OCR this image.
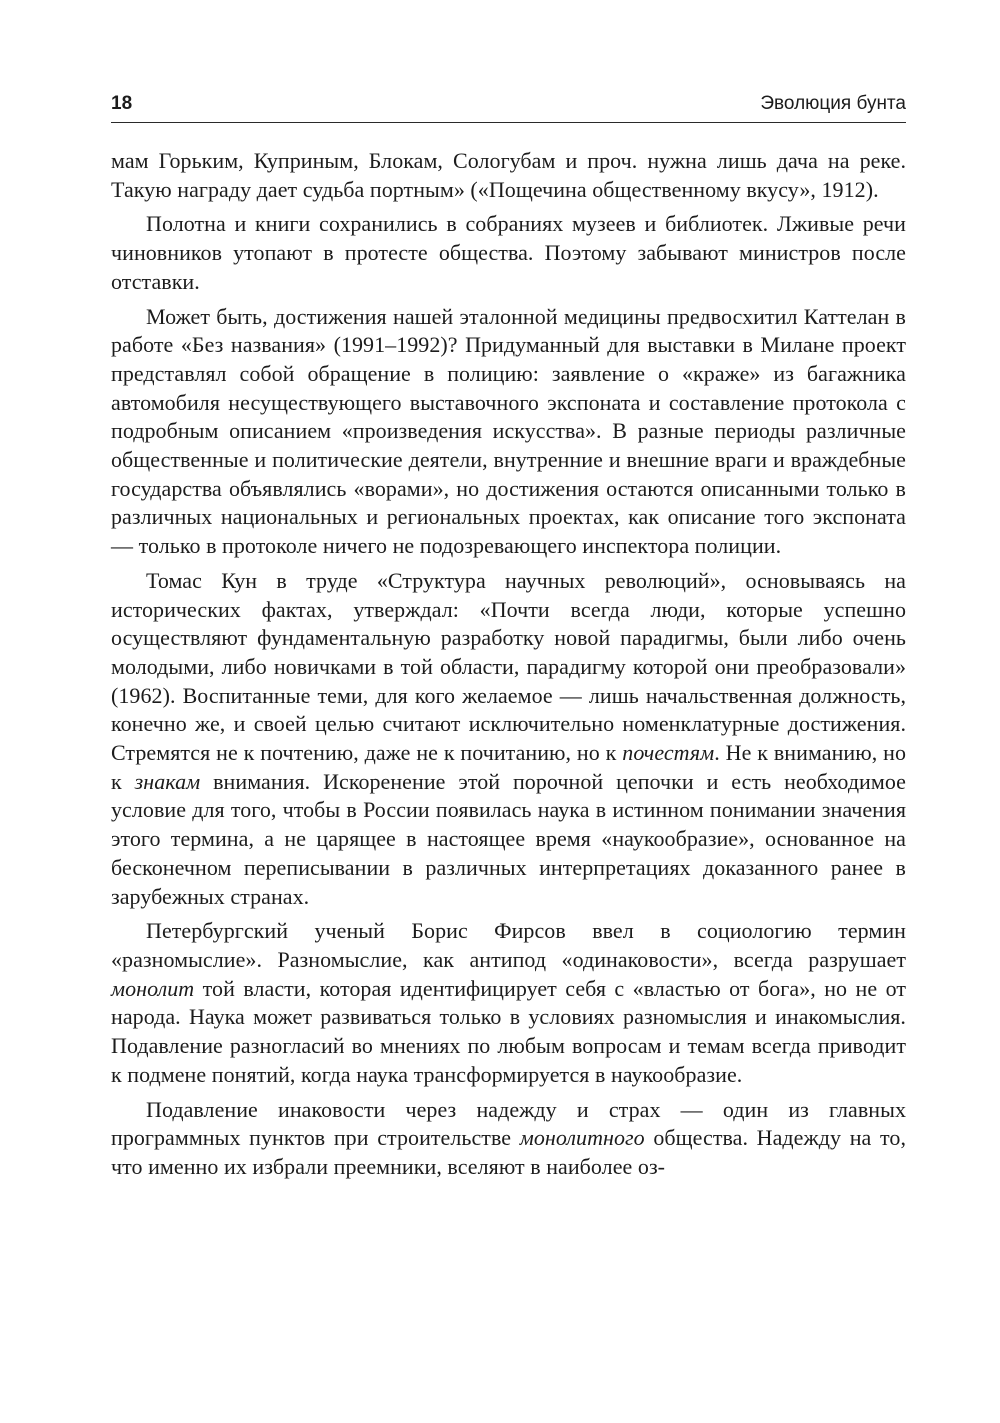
18	Эволюция бунта

мам Горьким, Куприным, Блокам, Сологубам и проч. нужна лишь дача на реке. Такую награду дает судьба портным» («Пощечина общественному вкусу», 1912).

Полотна и книги сохранились в собраниях музеев и библиотек. Лживые речи чиновников утопают в протесте общества. Поэтому забывают министров после отставки.

Может быть, достижения нашей эталонной медицины предвосхитил Каттелан в работе «Без названия» (1991–1992)? Придуманный для выставки в Милане проект представлял собой обращение в полицию: заявление о «краже» из багажника автомобиля несуществующего выставочного экспоната и составление протокола с подробным описанием «произведения искусства». В разные периоды различные общественные и политические деятели, внутренние и внешние враги и враждебные государства объявлялись «ворами», но достижения остаются описанными только в различных национальных и региональных проектах, как описание того экспоната — только в протоколе ничего не подозревающего инспектора полиции.

Томас Кун в труде «Структура научных революций», основываясь на исторических фактах, утверждал: «Почти всегда люди, которые успешно осуществляют фундаментальную разработку новой парадигмы, были либо очень молодыми, либо новичками в той области, парадигму которой они преобразовали» (1962). Воспитанные теми, для кого желаемое — лишь начальственная должность, конечно же, и своей целью считают исключительно номенклатурные достижения. Стремятся не к почтению, даже не к почитанию, но к почестям. Не к вниманию, но к знакам внимания. Искоренение этой порочной цепочки и есть необходимое условие для того, чтобы в России появилась наука в истинном понимании значения этого термина, а не царящее в настоящее время «наукообразие», основанное на бесконечном переписывании в различных интерпретациях доказанного ранее в зарубежных странах.

Петербургский ученый Борис Фирсов ввел в социологию термин «разномыслие». Разномыслие, как антипод «одинаковости», всегда разрушает монолит той власти, которая идентифицирует себя с «властью от бога», но не от народа. Наука может развиваться только в условиях разномыслия и инакомыслия. Подавление разногласий во мнениях по любым вопросам и темам всегда приводит к подмене понятий, когда наука трансформируется в наукообразие.

Подавление инаковости через надежду и страх — один из главных программных пунктов при строительстве монолитного общества. Надежду на то, что именно их избрали преемники, вселяют в наиболее оз-
